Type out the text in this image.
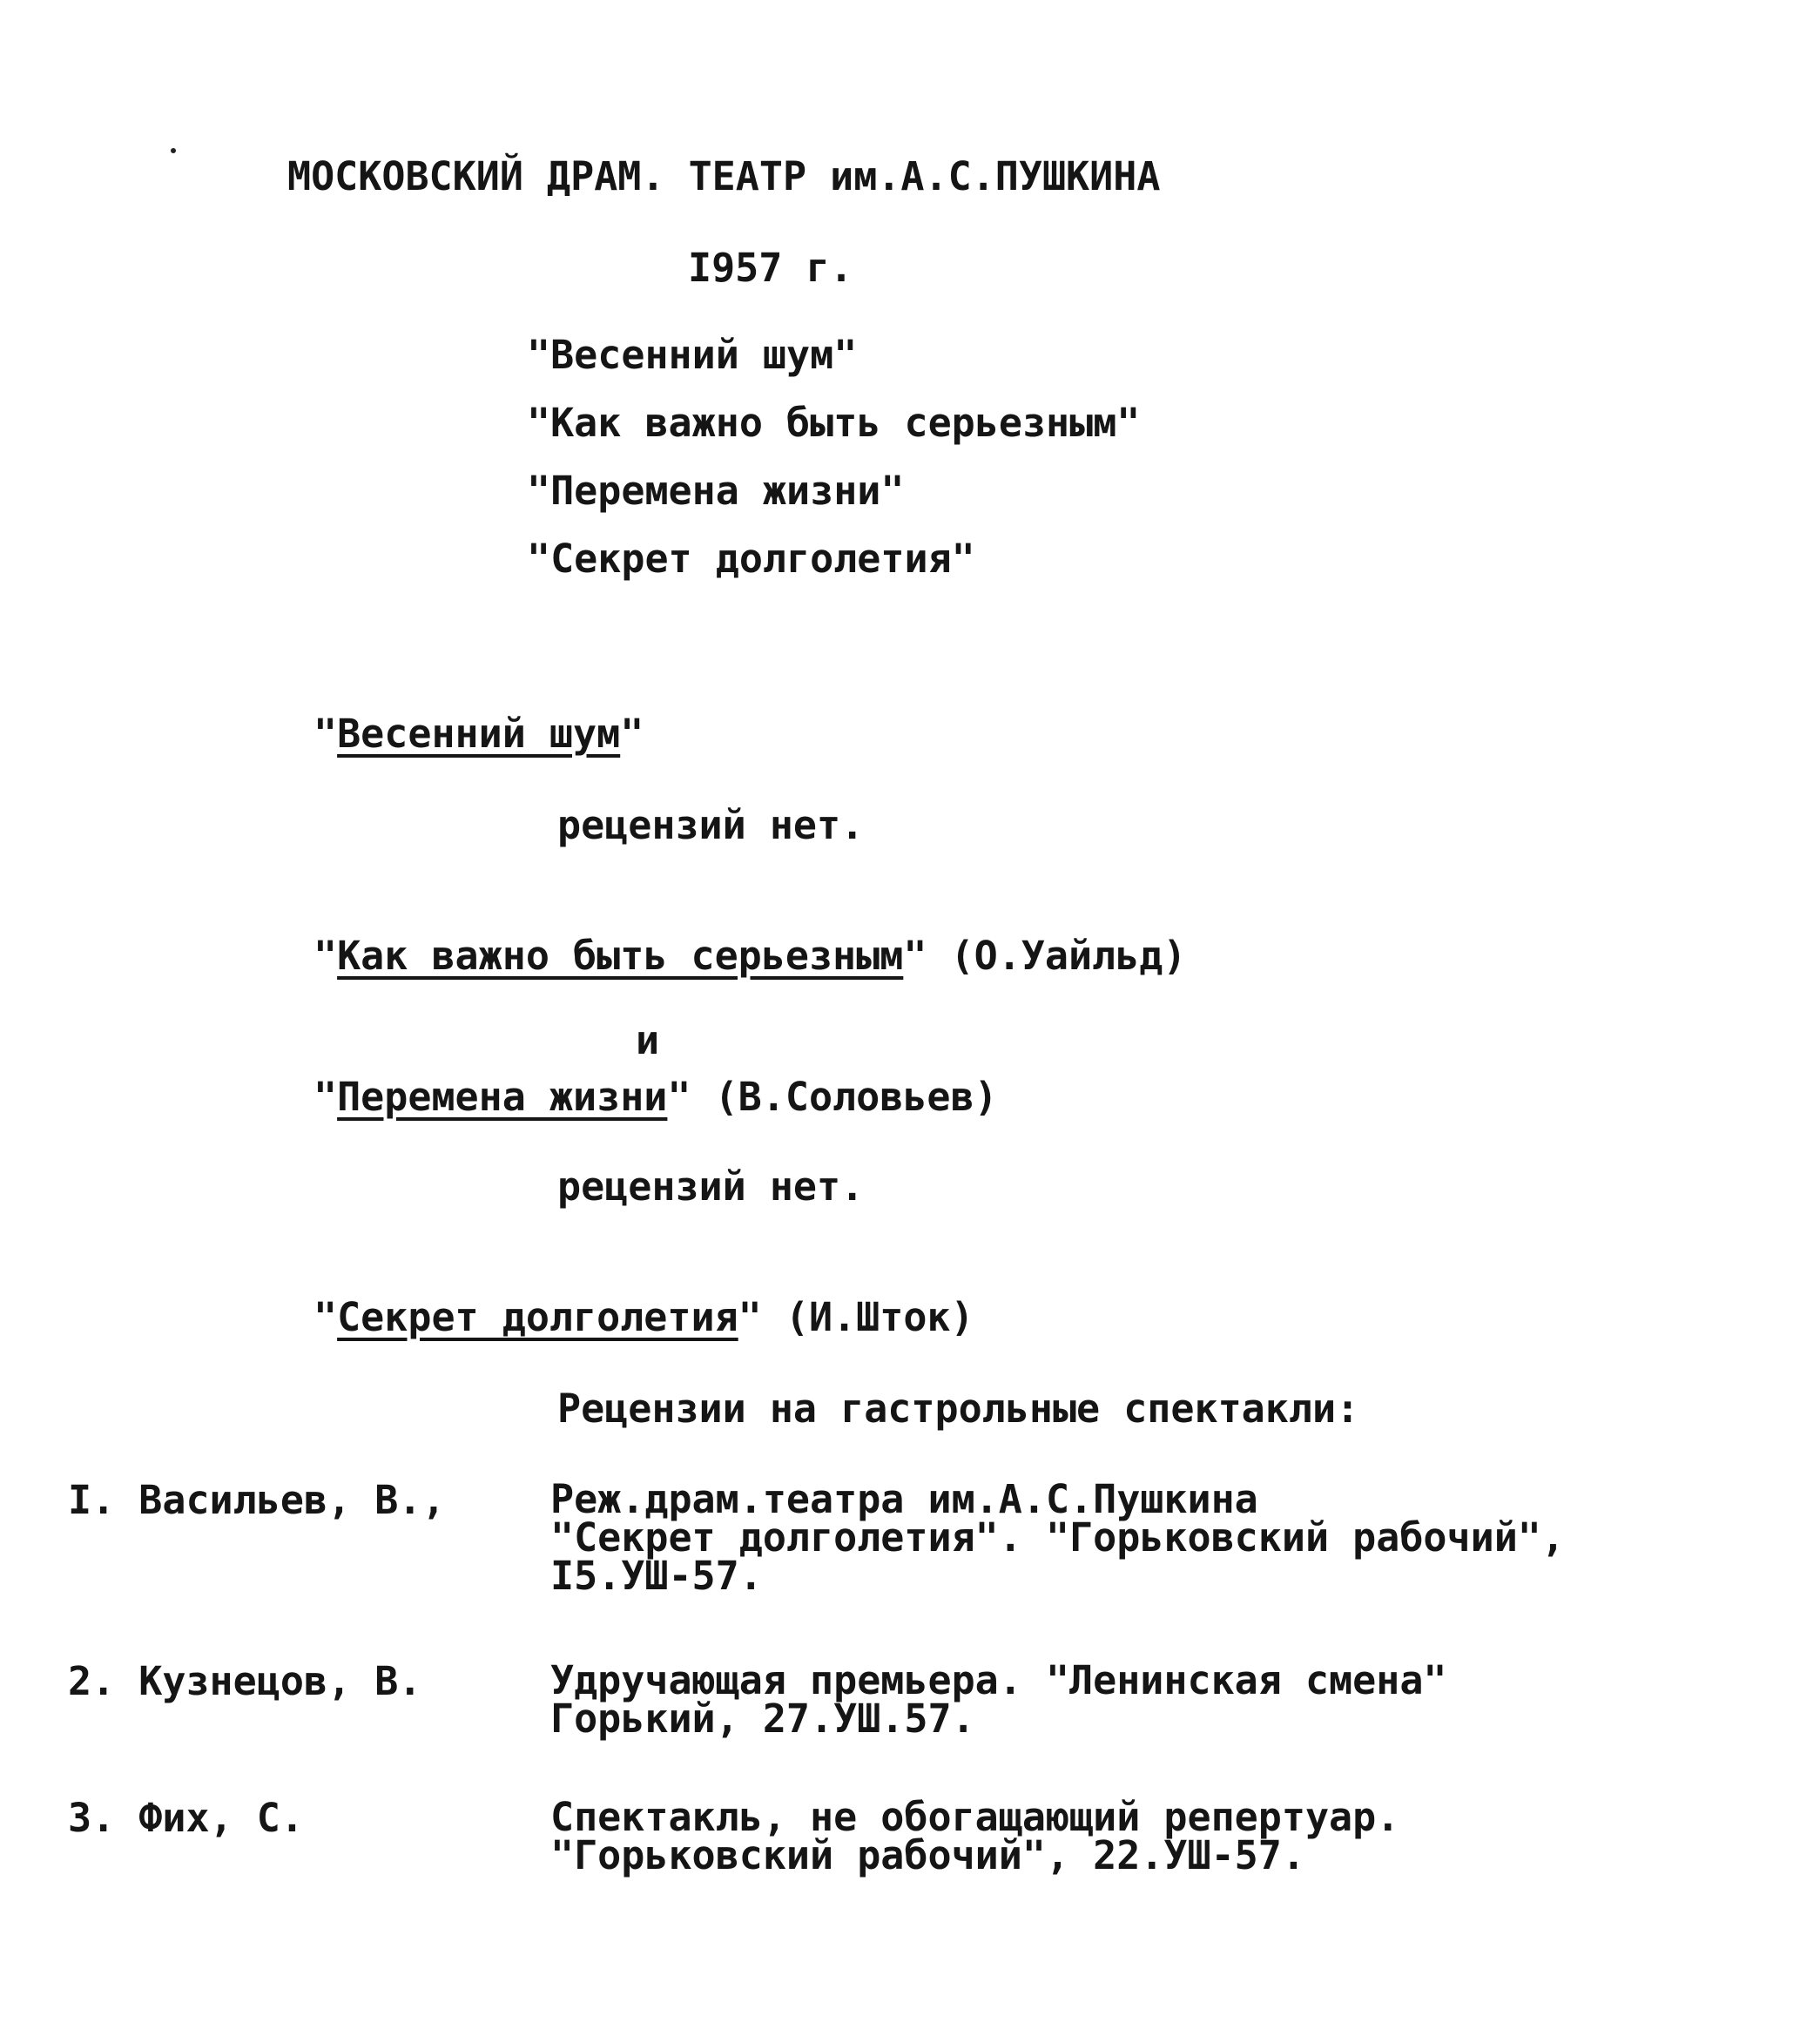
МОСКОВСКИЙ ДРАМ. ТЕАТР им.А.С.ПУШКИНА
I957 г.
"Весенний шум"
"Как важно быть серьезным"
"Перемена жизни"
"Секрет долголетия"
"Весенний шум"
рецензий нет.
"Как важно быть серьезным" (О.Уайльд)
и
"Перемена жизни" (В.Соловьев)
рецензий нет.
"Секрет долголетия" (И.Шток)
Рецензии на гастрольные спектакли:
I. Васильев, В.,	Реж.драм.театра им.А.С.Пушкина
"Секрет долголетия". "Горьковский рабочий",
I5.УШ-57.
2. Кузнецов, В.	Удручающая премьера. "Ленинская смена"
Горький, 27.УШ.57.
3. Фих, С.	Спектакль, не обогащающий репертуар.
"Горьковский рабочий", 22.УШ-57.
